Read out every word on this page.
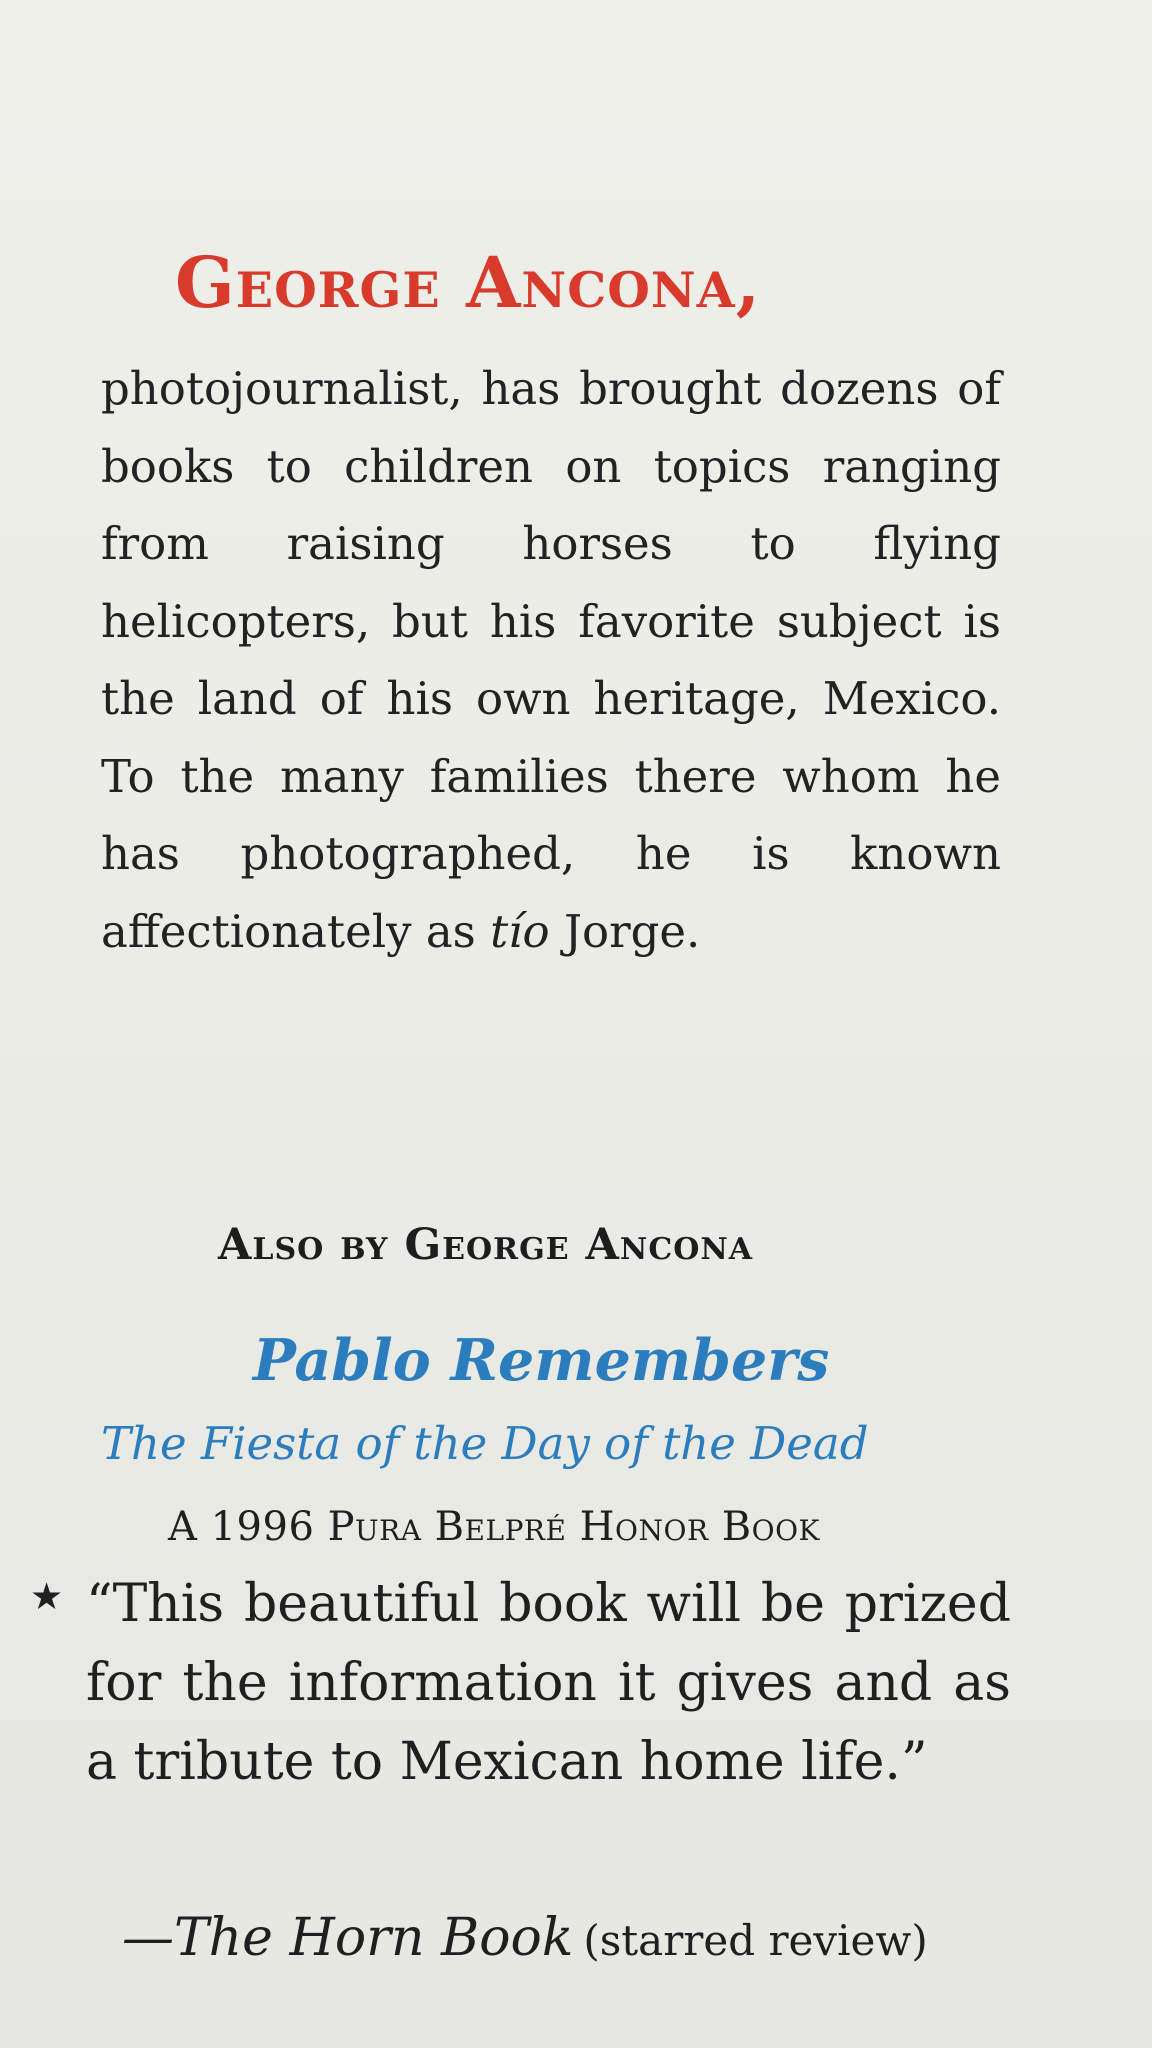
George Ancona,

photojournalist, has brought dozens of books to children on topics ranging from raising horses to flying helicopters, but his favorite subject is the land of his own heritage, Mexico. To the many families there whom he has photographed, he is known affectionately as tío Jorge.

Also by George Ancona
Pablo Remembers

The Fiesta of the Day of the Dead

A 1996 Pura Belpré Honor Book

★ “This beautiful book will be prized for the information it gives and as a tribute to Mexican home life.”

—The Horn Book (starred review)
